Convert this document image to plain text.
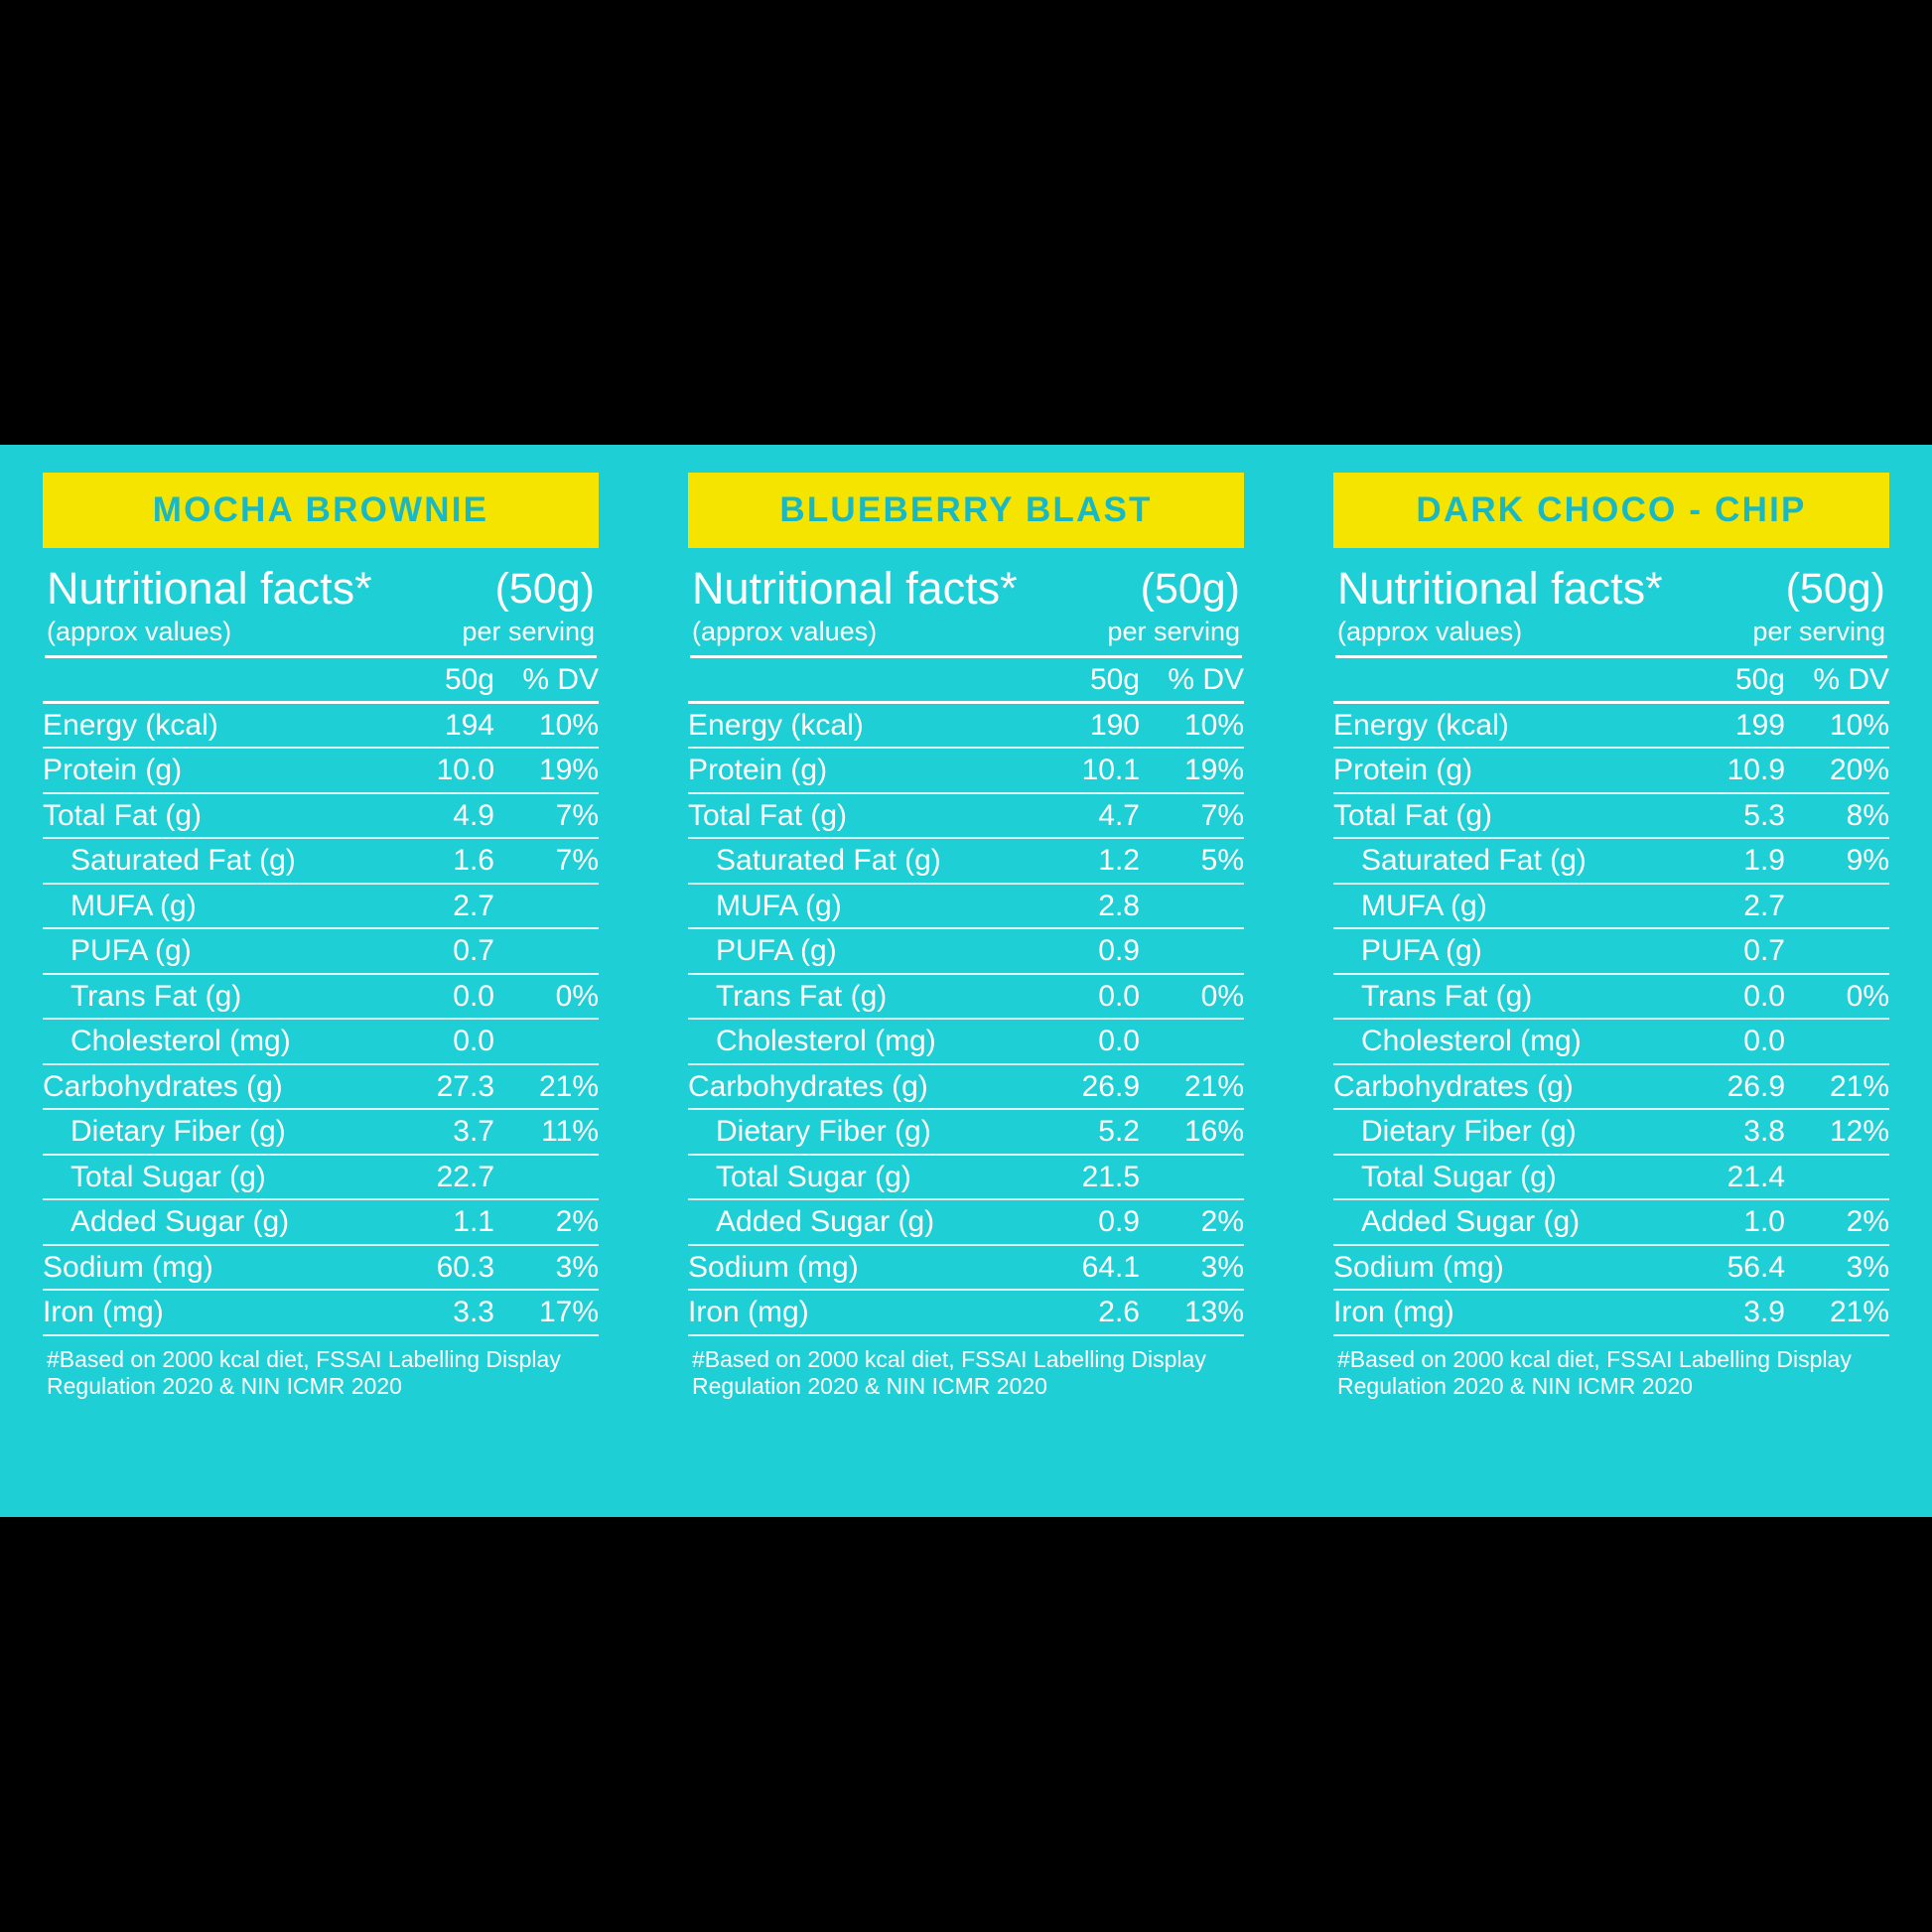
MOCHA BROWNIE
Nutritional facts*	(50g)
(approx values)	per serving
	50g	% DV
Energy (kcal)	194	10%
Protein (g)	10.0	19%
Total Fat (g)	4.9	7%
Saturated Fat (g)	1.6	7%
MUFA (g)	2.7	
PUFA (g)	0.7	
Trans Fat (g)	0.0	0%
Cholesterol (mg)	0.0	
Carbohydrates (g)	27.3	21%
Dietary Fiber (g)	3.7	11%
Total Sugar (g)	22.7	
Added Sugar (g)	1.1	2%
Sodium (mg)	60.3	3%
Iron (mg)	3.3	17%
#Based on 2000 kcal diet, FSSAI Labelling Display Regulation 2020 & NIN ICMR 2020
BLUEBERRY BLAST
Nutritional facts*	(50g)
(approx values)	per serving
	50g	% DV
Energy (kcal)	190	10%
Protein (g)	10.1	19%
Total Fat (g)	4.7	7%
Saturated Fat (g)	1.2	5%
MUFA (g)	2.8	
PUFA (g)	0.9	
Trans Fat (g)	0.0	0%
Cholesterol (mg)	0.0	
Carbohydrates (g)	26.9	21%
Dietary Fiber (g)	5.2	16%
Total Sugar (g)	21.5	
Added Sugar (g)	0.9	2%
Sodium (mg)	64.1	3%
Iron (mg)	2.6	13%
#Based on 2000 kcal diet, FSSAI Labelling Display Regulation 2020 & NIN ICMR 2020
DARK CHOCO - CHIP
Nutritional facts*	(50g)
(approx values)	per serving
	50g	% DV
Energy (kcal)	199	10%
Protein (g)	10.9	20%
Total Fat (g)	5.3	8%
Saturated Fat (g)	1.9	9%
MUFA (g)	2.7	
PUFA (g)	0.7	
Trans Fat (g)	0.0	0%
Cholesterol (mg)	0.0	
Carbohydrates (g)	26.9	21%
Dietary Fiber (g)	3.8	12%
Total Sugar (g)	21.4	
Added Sugar (g)	1.0	2%
Sodium (mg)	56.4	3%
Iron (mg)	3.9	21%
#Based on 2000 kcal diet, FSSAI Labelling Display Regulation 2020 & NIN ICMR 2020
